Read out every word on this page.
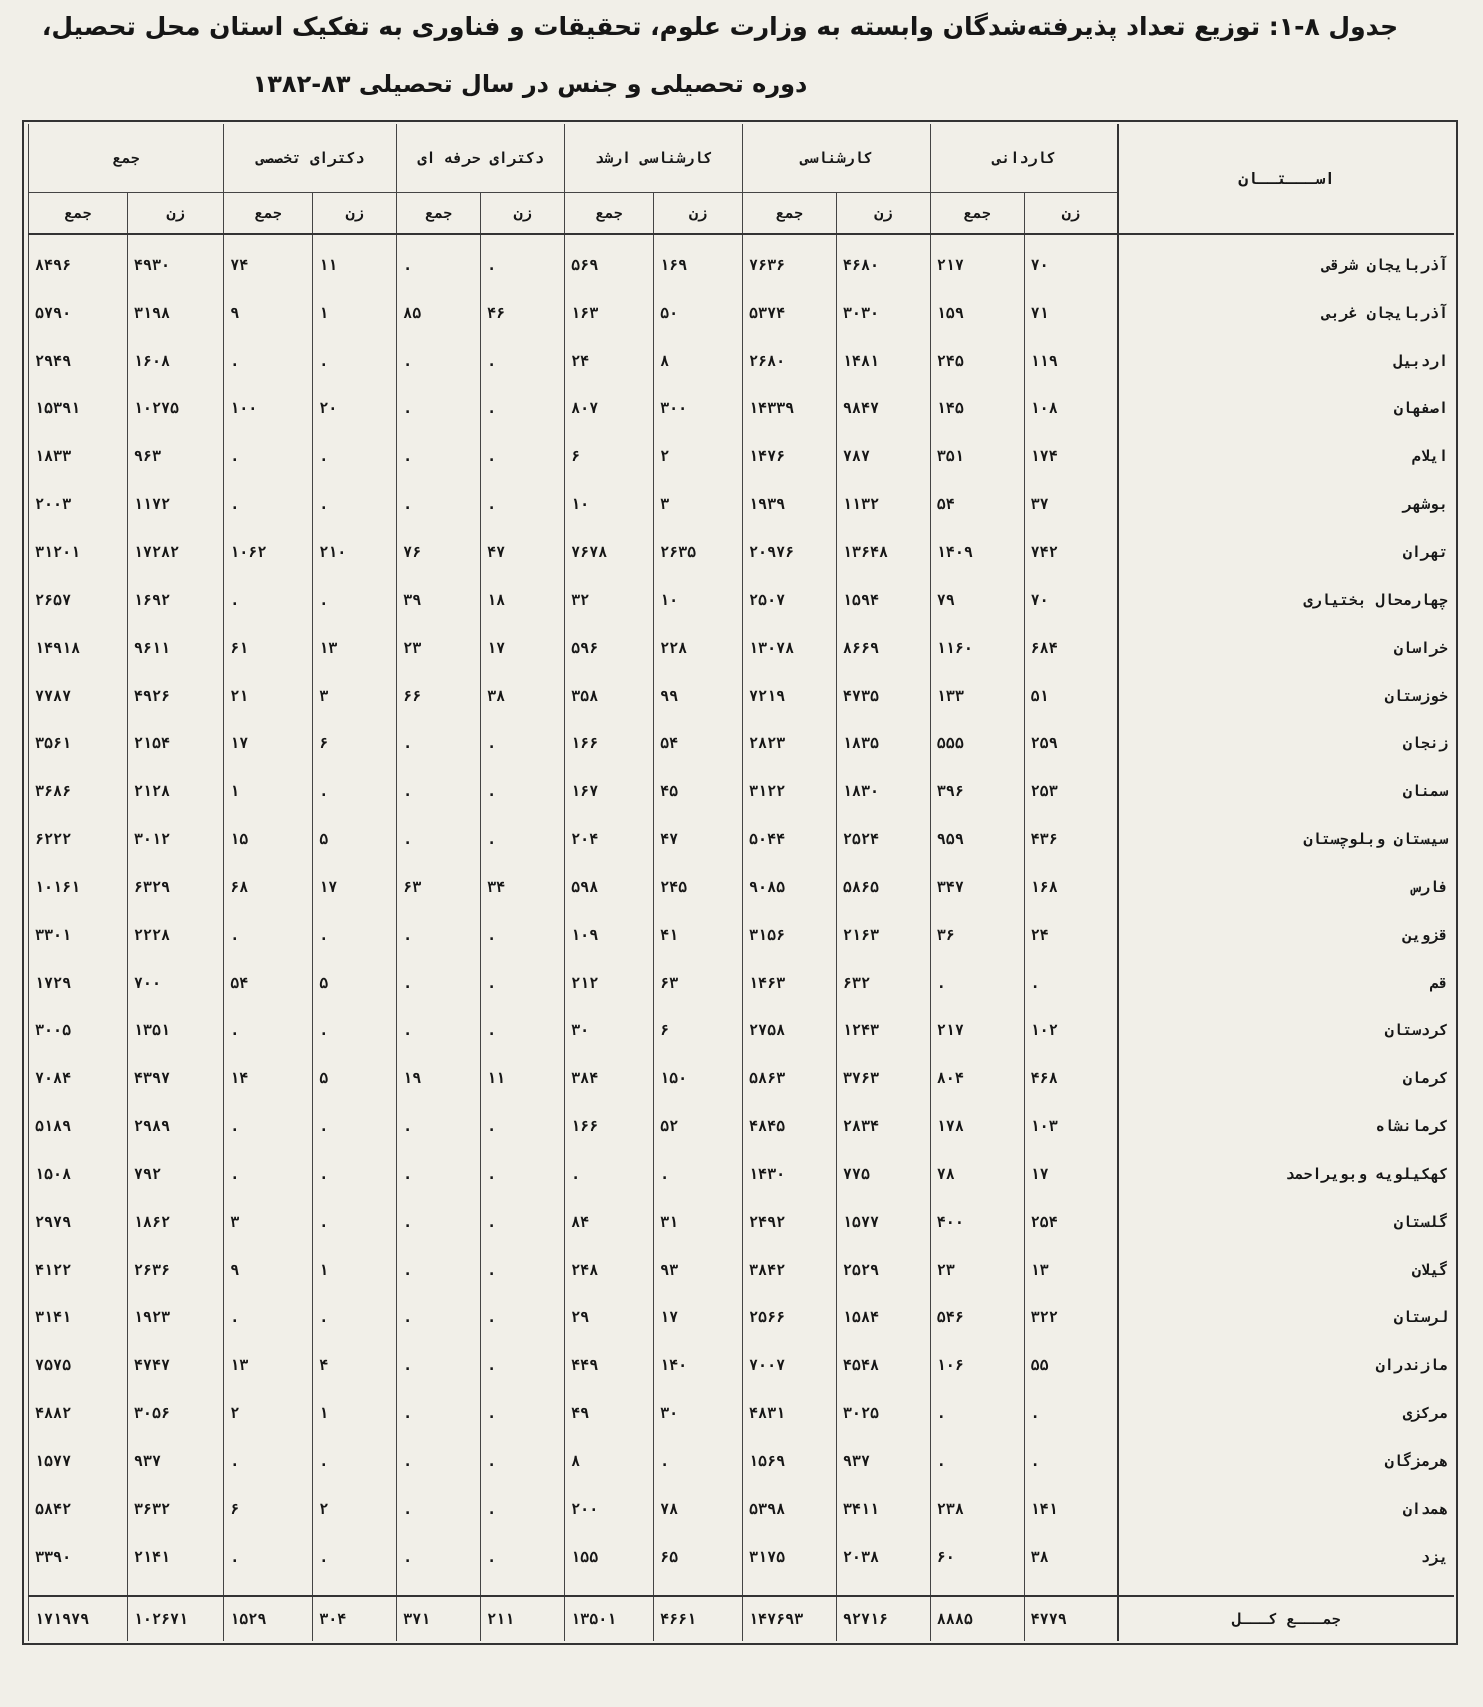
جدول ۸-۱: توزیع تعداد پذیرفته‌شدگان وابسته به وزارت علوم، تحقیقات و فناوری به تفکیک استان محل تحصیل،
دوره تحصیلی و جنس در سال تحصیلی ۸۳-۱۳۸۲
اســـتــان	کاردانی		کارشناسی		کارشناسی ارشد		دکترای حرفه ای		دکترای تخصصی		جمع	
	زن	جمع	زن	جمع	زن	جمع	زن	جمع	زن	جمع	زن	جمع

آذربایجان شرقی	۷۰	۲۱۷	۴۶۸۰	۷۶۳۶	۱۶۹	۵۶۹	.	.	۱۱	۷۴	۴۹۳۰	۸۴۹۶
آذربایجان غربی	۷۱	۱۵۹	۳۰۳۰	۵۳۷۴	۵۰	۱۶۳	۴۶	۸۵	۱	۹	۳۱۹۸	۵۷۹۰
اردبیل	۱۱۹	۲۴۵	۱۴۸۱	۲۶۸۰	۸	۲۴	.	.	.	.	۱۶۰۸	۲۹۴۹
اصفهان	۱۰۸	۱۴۵	۹۸۴۷	۱۴۳۳۹	۳۰۰	۸۰۷	.	.	۲۰	۱۰۰	۱۰۲۷۵	۱۵۳۹۱
ایلام	۱۷۴	۳۵۱	۷۸۷	۱۴۷۶	۲	۶	.	.	.	.	۹۶۳	۱۸۳۳
بوشهر	۳۷	۵۴	۱۱۳۲	۱۹۳۹	۳	۱۰	.	.	.	.	۱۱۷۲	۲۰۰۳
تهران	۷۴۲	۱۴۰۹	۱۳۶۴۸	۲۰۹۷۶	۲۶۳۵	۷۶۷۸	۴۷	۷۶	۲۱۰	۱۰۶۲	۱۷۲۸۲	۳۱۲۰۱
چهارمحال بختیاری	۷۰	۷۹	۱۵۹۴	۲۵۰۷	۱۰	۳۲	۱۸	۳۹	.	.	۱۶۹۲	۲۶۵۷
خراسان	۶۸۴	۱۱۶۰	۸۶۶۹	۱۳۰۷۸	۲۲۸	۵۹۶	۱۷	۲۳	۱۳	۶۱	۹۶۱۱	۱۴۹۱۸
خوزستان	۵۱	۱۳۳	۴۷۳۵	۷۲۱۹	۹۹	۳۵۸	۳۸	۶۶	۳	۲۱	۴۹۲۶	۷۷۸۷
زنجان	۲۵۹	۵۵۵	۱۸۳۵	۲۸۲۳	۵۴	۱۶۶	.	.	۶	۱۷	۲۱۵۴	۳۵۶۱
سمنان	۲۵۳	۳۹۶	۱۸۳۰	۳۱۲۲	۴۵	۱۶۷	.	.	.	۱	۲۱۲۸	۳۶۸۶
سیستان وبلوچستان	۴۳۶	۹۵۹	۲۵۲۴	۵۰۴۴	۴۷	۲۰۴	.	.	۵	۱۵	۳۰۱۲	۶۲۲۲
فارس	۱۶۸	۳۴۷	۵۸۶۵	۹۰۸۵	۲۴۵	۵۹۸	۳۴	۶۳	۱۷	۶۸	۶۳۲۹	۱۰۱۶۱
قزوین	۲۴	۳۶	۲۱۶۳	۳۱۵۶	۴۱	۱۰۹	.	.	.	.	۲۲۲۸	۳۳۰۱
قم	.	.	۶۳۲	۱۴۶۳	۶۳	۲۱۲	.	.	۵	۵۴	۷۰۰	۱۷۲۹
کردستان	۱۰۲	۲۱۷	۱۲۴۳	۲۷۵۸	۶	۳۰	.	.	.	.	۱۳۵۱	۳۰۰۵
کرمان	۴۶۸	۸۰۴	۳۷۶۳	۵۸۶۳	۱۵۰	۳۸۴	۱۱	۱۹	۵	۱۴	۴۳۹۷	۷۰۸۴
کرمانشاه	۱۰۳	۱۷۸	۲۸۳۴	۴۸۴۵	۵۲	۱۶۶	.	.	.	.	۲۹۸۹	۵۱۸۹
کهکیلویه وبویراحمد	۱۷	۷۸	۷۷۵	۱۴۳۰	.	.	.	.	.	.	۷۹۲	۱۵۰۸
گلستان	۲۵۴	۴۰۰	۱۵۷۷	۲۴۹۲	۳۱	۸۴	.	.	.	۳	۱۸۶۲	۲۹۷۹
گیلان	۱۳	۲۳	۲۵۲۹	۳۸۴۲	۹۳	۲۴۸	.	.	۱	۹	۲۶۳۶	۴۱۲۲
لرستان	۳۲۲	۵۴۶	۱۵۸۴	۲۵۶۶	۱۷	۲۹	.	.	.	.	۱۹۲۳	۳۱۴۱
مازندران	۵۵	۱۰۶	۴۵۴۸	۷۰۰۷	۱۴۰	۴۴۹	.	.	۴	۱۳	۴۷۴۷	۷۵۷۵
مرکزی	.	.	۳۰۲۵	۴۸۳۱	۳۰	۴۹	.	.	۱	۲	۳۰۵۶	۴۸۸۲
هرمزگان	.	.	۹۳۷	۱۵۶۹	.	۸	.	.	.	.	۹۳۷	۱۵۷۷
همدان	۱۴۱	۲۳۸	۳۴۱۱	۵۳۹۸	۷۸	۲۰۰	.	.	۲	۶	۳۶۳۲	۵۸۴۲
یزد	۳۸	۶۰	۲۰۳۸	۳۱۷۵	۶۵	۱۵۵	.	.	.	.	۲۱۴۱	۳۳۹۰

جمـــع کـــل	۴۷۷۹	۸۸۸۵	۹۲۷۱۶	۱۴۷۶۹۳	۴۶۶۱	۱۳۵۰۱	۲۱۱	۳۷۱	۳۰۴	۱۵۲۹	۱۰۲۶۷۱	۱۷۱۹۷۹
